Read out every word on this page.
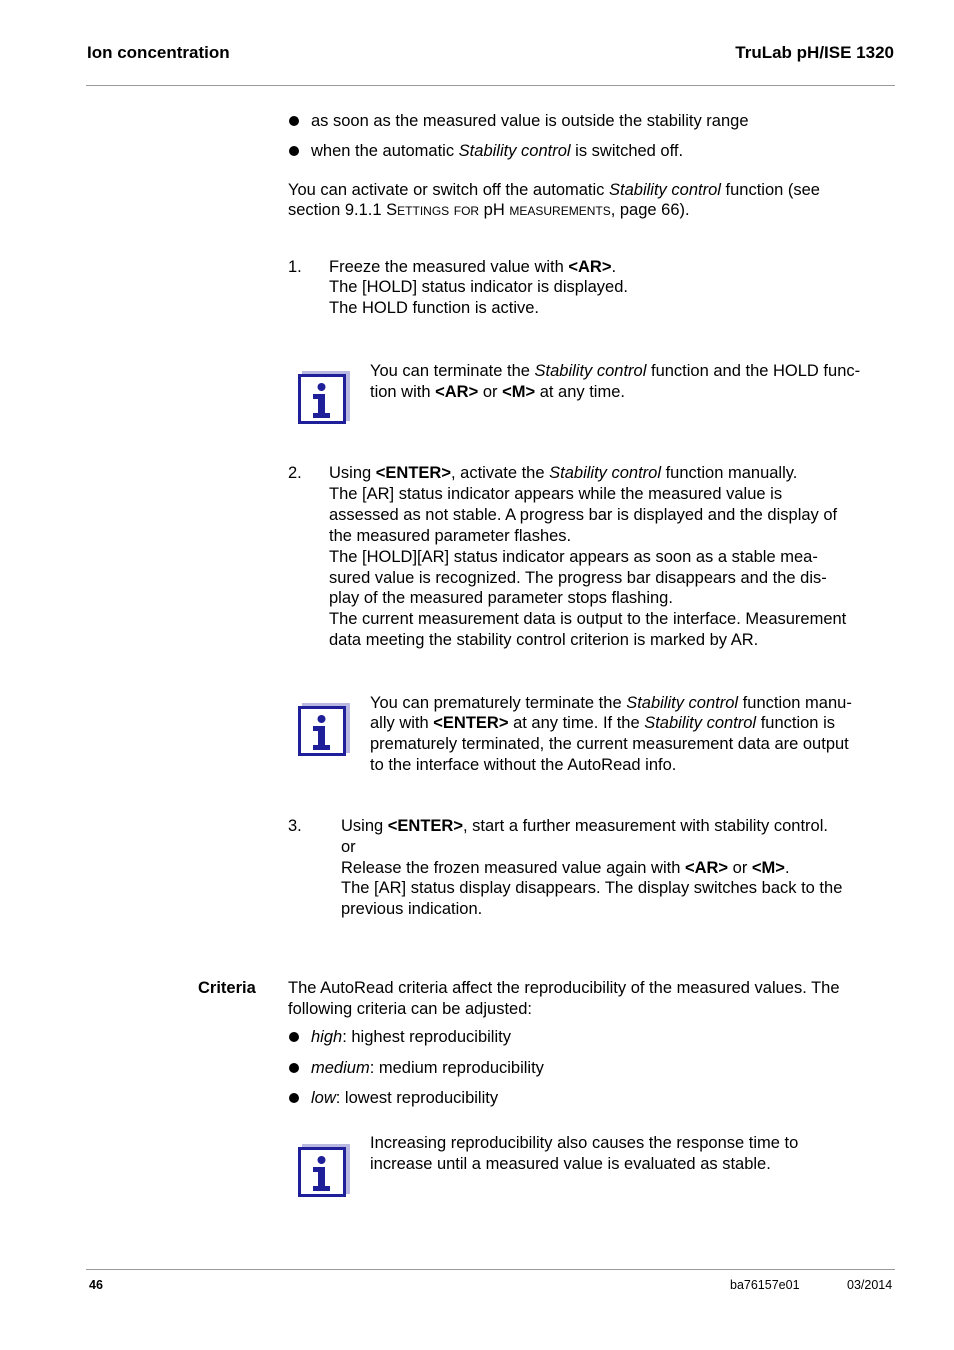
Ion concentration	TruLab pH/ISE 1320
as soon as the measured value is outside the stability range
when the automatic Stability control is switched off.
You can activate or switch off the automatic Stability control function (see
section 9.1.1 Settings for pH measurements, page 66).
1. Freeze the measured value with <AR>.
The [HOLD] status indicator is displayed.
The HOLD function is active.
You can terminate the Stability control function and the HOLD func-
tion with <AR> or <M> at any time.
2. Using <ENTER>, activate the Stability control function manually.
The [AR] status indicator appears while the measured value is
assessed as not stable. A progress bar is displayed and the display of
the measured parameter flashes.
The [HOLD][AR] status indicator appears as soon as a stable mea-
sured value is recognized. The progress bar disappears and the dis-
play of the measured parameter stops flashing.
The current measurement data is output to the interface. Measurement
data meeting the stability control criterion is marked by AR.
You can prematurely terminate the Stability control function manu-
ally with <ENTER> at any time. If the Stability control function is
prematurely terminated, the current measurement data are output
to the interface without the AutoRead info.
3. Using <ENTER>, start a further measurement with stability control.
or
Release the frozen measured value again with <AR> or <M>.
The [AR] status display disappears. The display switches back to the
previous indication.
Criteria The AutoRead criteria affect the reproducibility of the measured values. The
following criteria can be adjusted:
high: highest reproducibility
medium: medium reproducibility
low: lowest reproducibility
Increasing reproducibility also causes the response time to
increase until a measured value is evaluated as stable.
46	ba76157e01	03/2014
